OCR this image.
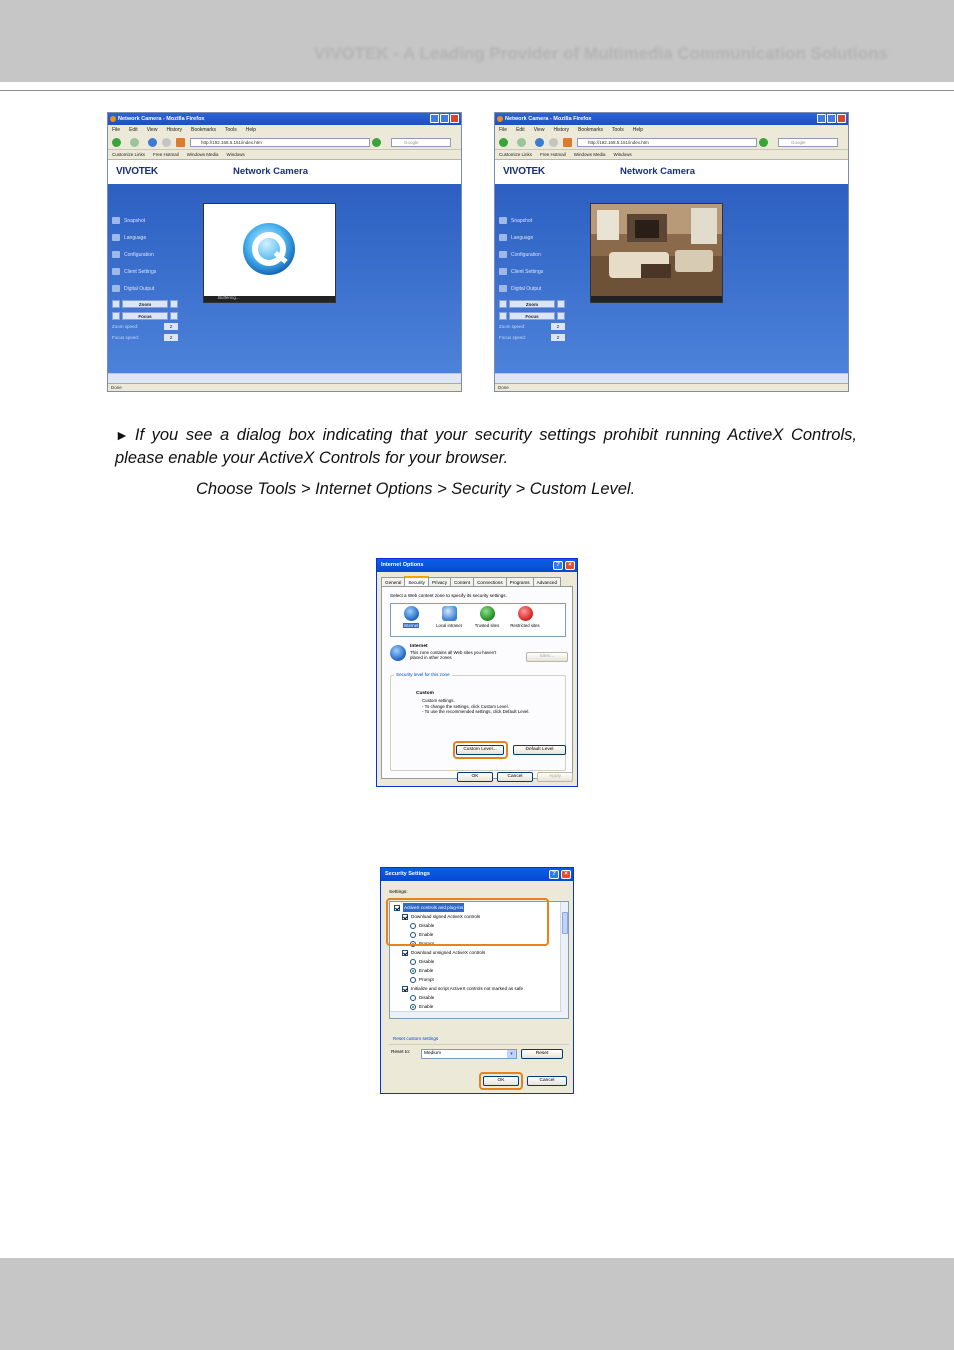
VIVOTEK - A Leading Provider of Multimedia Communication Solutions
Network Camera - Mozilla Firefox
File Edit View History Bookmarks Tools Help
http://192.168.5.151/index.htm	Google
Customize Links Free Hotmail Windows Media Windows
VIVOTEK	Network Camera
Snapshot
Language
Configuration
Client Settings
Digital Output
Zoom
Focus
Zoom speed:	2
Focus speed:	2
Buffering...
Done
Network Camera - Mozilla Firefox
File Edit View History Bookmarks Tools Help
http://192.168.5.151/index.htm	Google
Customize Links Free Hotmail Windows Media Windows
VIVOTEK	Network Camera
Snapshot
Language
Configuration
Client Settings
Digital Output
Zoom
Focus
Zoom speed:	2
Focus speed:	2
Done

► If you see a dialog box indicating that your security settings prohibit running ActiveX Controls, please enable your ActiveX Controls for your browser.

Choose Tools > Internet Options > Security > Custom Level.

Internet Options	?	×
General	Security	Privacy	Content	Connections	Programs	Advanced
Select a Web content zone to specify its security settings.
Internet	Local intranet	Trusted sites	Restricted sites
Internet
This zone contains all Web sites you haven't placed in other zones	Sites...
Security level for this zone
Custom
Custom settings.
- To change the settings, click Custom Level.
- To use the recommended settings, click Default Level.
Custom Level...	Default Level
OK	Cancel	Apply
Security Settings	?	×
Settings:
ActiveX controls and plug-ins
Download signed ActiveX controls
Disable
Enable
Prompt
Download unsigned ActiveX controls
Disable
Enable
Prompt
Initialize and script ActiveX controls not marked as safe
Disable
Enable
Reset custom settings
Reset to:	Medium	▾	Reset
OK	Cancel
